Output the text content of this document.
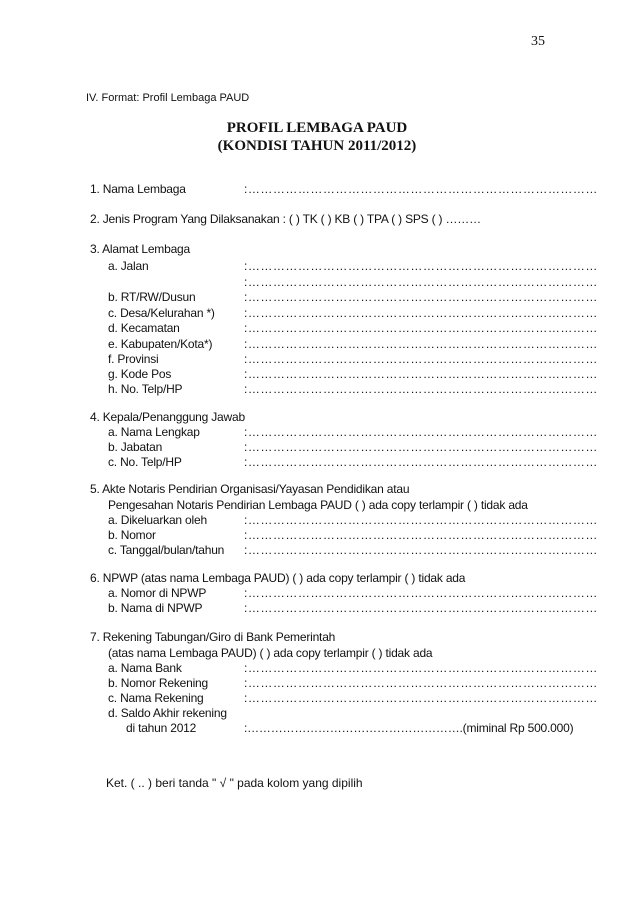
35
IV. Format: Profil Lembaga PAUD
PROFIL LEMBAGA PAUD
(KONDISI TAHUN 2011/2012)
1. Nama Lembaga	:…………………………………………………………………………
2. Jenis Program Yang Dilaksanakan : ( ) TK ( ) KB ( ) TPA ( ) SPS ( ) ………
3. Alamat Lembaga
a. Jalan	:…………………………………………………………………………
:…………………………………………………………………………
b. RT/RW/Dusun	:…………………………………………………………………………
c. Desa/Kelurahan *) :…………………………………………………………………………
d. Kecamatan	:…………………………………………………………………………
e. Kabupaten/Kota*)	:…………………………………………………………………………
f. Provinsi	:…………………………………………………………………………
g. Kode Pos	:…………………………………………………………………………
h. No. Telp/HP	:…………………………………………………………………………
4. Kepala/Penanggung Jawab
a. Nama Lengkap	:…………………………………………………………………………
b. Jabatan	:…………………………………………………………………………
c. No. Telp/HP	:…………………………………………………………………………
5. Akte Notaris Pendirian Organisasi/Yayasan Pendidikan atau
Pengesahan Notaris Pendirian Lembaga PAUD ( ) ada copy terlampir ( ) tidak ada
a. Dikeluarkan oleh	:…………………………………………………………………………
b. Nomor	:…………………………………………………………………………
c. Tanggal/bulan/tahun :…………………………………………………………………………
6. NPWP (atas nama Lembaga PAUD) ( ) ada copy terlampir ( ) tidak ada
a. Nomor di NPWP	:…………………………………………………………………………
b. Nama di NPWP	:…………………………………………………………………………
7. Rekening Tabungan/Giro di Bank Pemerintah
(atas nama Lembaga PAUD) ( ) ada copy terlampir ( ) tidak ada
a. Nama Bank	:…………………………………………………………………………
b. Nomor Rekening	:…………………………………………………………………………
c. Nama Rekening	:…………………………………………………………………………
d. Saldo Akhir rekening
di tahun 2012	:……………………………………………….(miminal Rp 500.000)
Ket. ( .. ) beri tanda " √ " pada kolom yang dipilih
